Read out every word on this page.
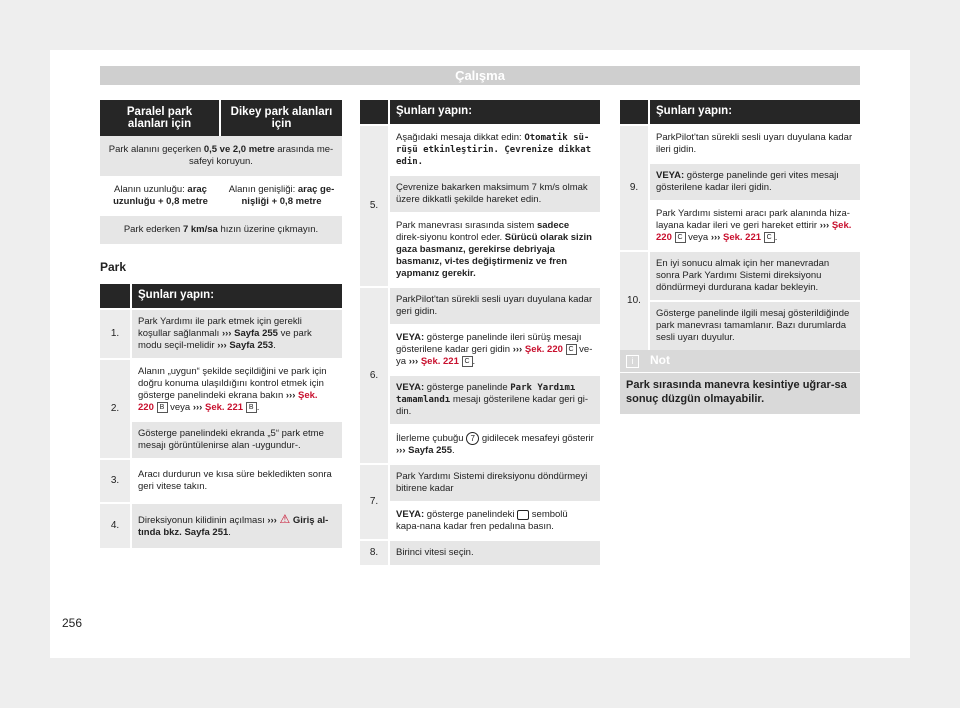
Çalışma
Paralel park alanları için	Dikey park alanları için
Park alanını geçerken 0,5 ve 2,0 metre arasında me-safeyi koruyun.	
Alanın uzunluğu: araç uzunluğu + 0,8 metre	Alanın genişliği: araç ge-nişliği + 0,8 metre
Park ederken 7 km/sa hızın üzerine çıkmayın.	
Park
	Şunları yapın:
1.	Park Yardımı ile park etmek için gerekli koşullar sağlanmalı ››› Sayfa 255 ve park modu seçil-melidir ››› Sayfa 253.
2.	Alanın „uygun“ şekilde seçildiğini ve park için doğru konuma ulaşıldığını kontrol etmek için gösterge panelindeki ekrana bakın ››› Şek. 220 B veya ››› Şek. 221 B .
	Gösterge panelindeki ekranda „5“ park etme mesajı görüntülenirse alan -uygundur-.
3.	Aracı durdurun ve kısa süre bekledikten sonra geri vitese takın.
4.	Direksiyonun kilidinin açılması ››› ⚠ Giriş al-tında bkz. Sayfa 251.
	Şunları yapın:
5.	Aşağıdaki mesaja dikkat edin: Otomatik sü-rüşü etkinleştirin. Çevrenize dikkat edin.
	Çevrenize bakarken maksimum 7 km/s olmak üzere dikkatli şekilde hareket edin.
	Park manevrası sırasında sistem sadece direk-siyonu kontrol eder. Sürücü olarak sizin gaza basmanız, gerekirse debriyaja basmanız, vi-tes değiştirmeniz ve fren yapmanız gerekir.
6.	ParkPilot'tan sürekli sesli uyarı duyulana kadar geri gidin.
	VEYA: gösterge panelinde ileri sürüş mesajı gösterilene kadar geri gidin ››› Şek. 220 C ve-ya ››› Şek. 221 C .
	VEYA: gösterge panelinde Park Yardımı tamamlandı mesajı gösterilene kadar geri gi-din.
	İlerleme çubuğu 7 gidilecek mesafeyi gösterir ››› Sayfa 255.
7.	Park Yardımı Sistemi direksiyonu döndürmeyi bitirene kadar
	VEYA: gösterge panelindeki  sembolü kapa-nana kadar fren pedalına basın.
8.	Birinci vitesi seçin.
	Şunları yapın:
9.	ParkPilot'tan sürekli sesli uyarı duyulana kadar ileri gidin.
	VEYA: gösterge panelinde geri vites mesajı gösterilene kadar ileri gidin.
	Park Yardımı sistemi aracı park alanında hiza-layana kadar ileri ve geri hareket ettirir ››› Şek. 220 C veya ››› Şek. 221 C .
10.	En iyi sonucu almak için her manevradan sonra Park Yardımı Sistemi direksiyonu döndürmeyi durdurana kadar bekleyin.
	Gösterge panelinde ilgili mesaj gösterildiğinde park manevrası tamamlanır. Bazı durumlarda sesli uyarı duyulur.
i	Not
Park sırasında manevra kesintiye uğrar-sa sonuç düzgün olmayabilir.
256
